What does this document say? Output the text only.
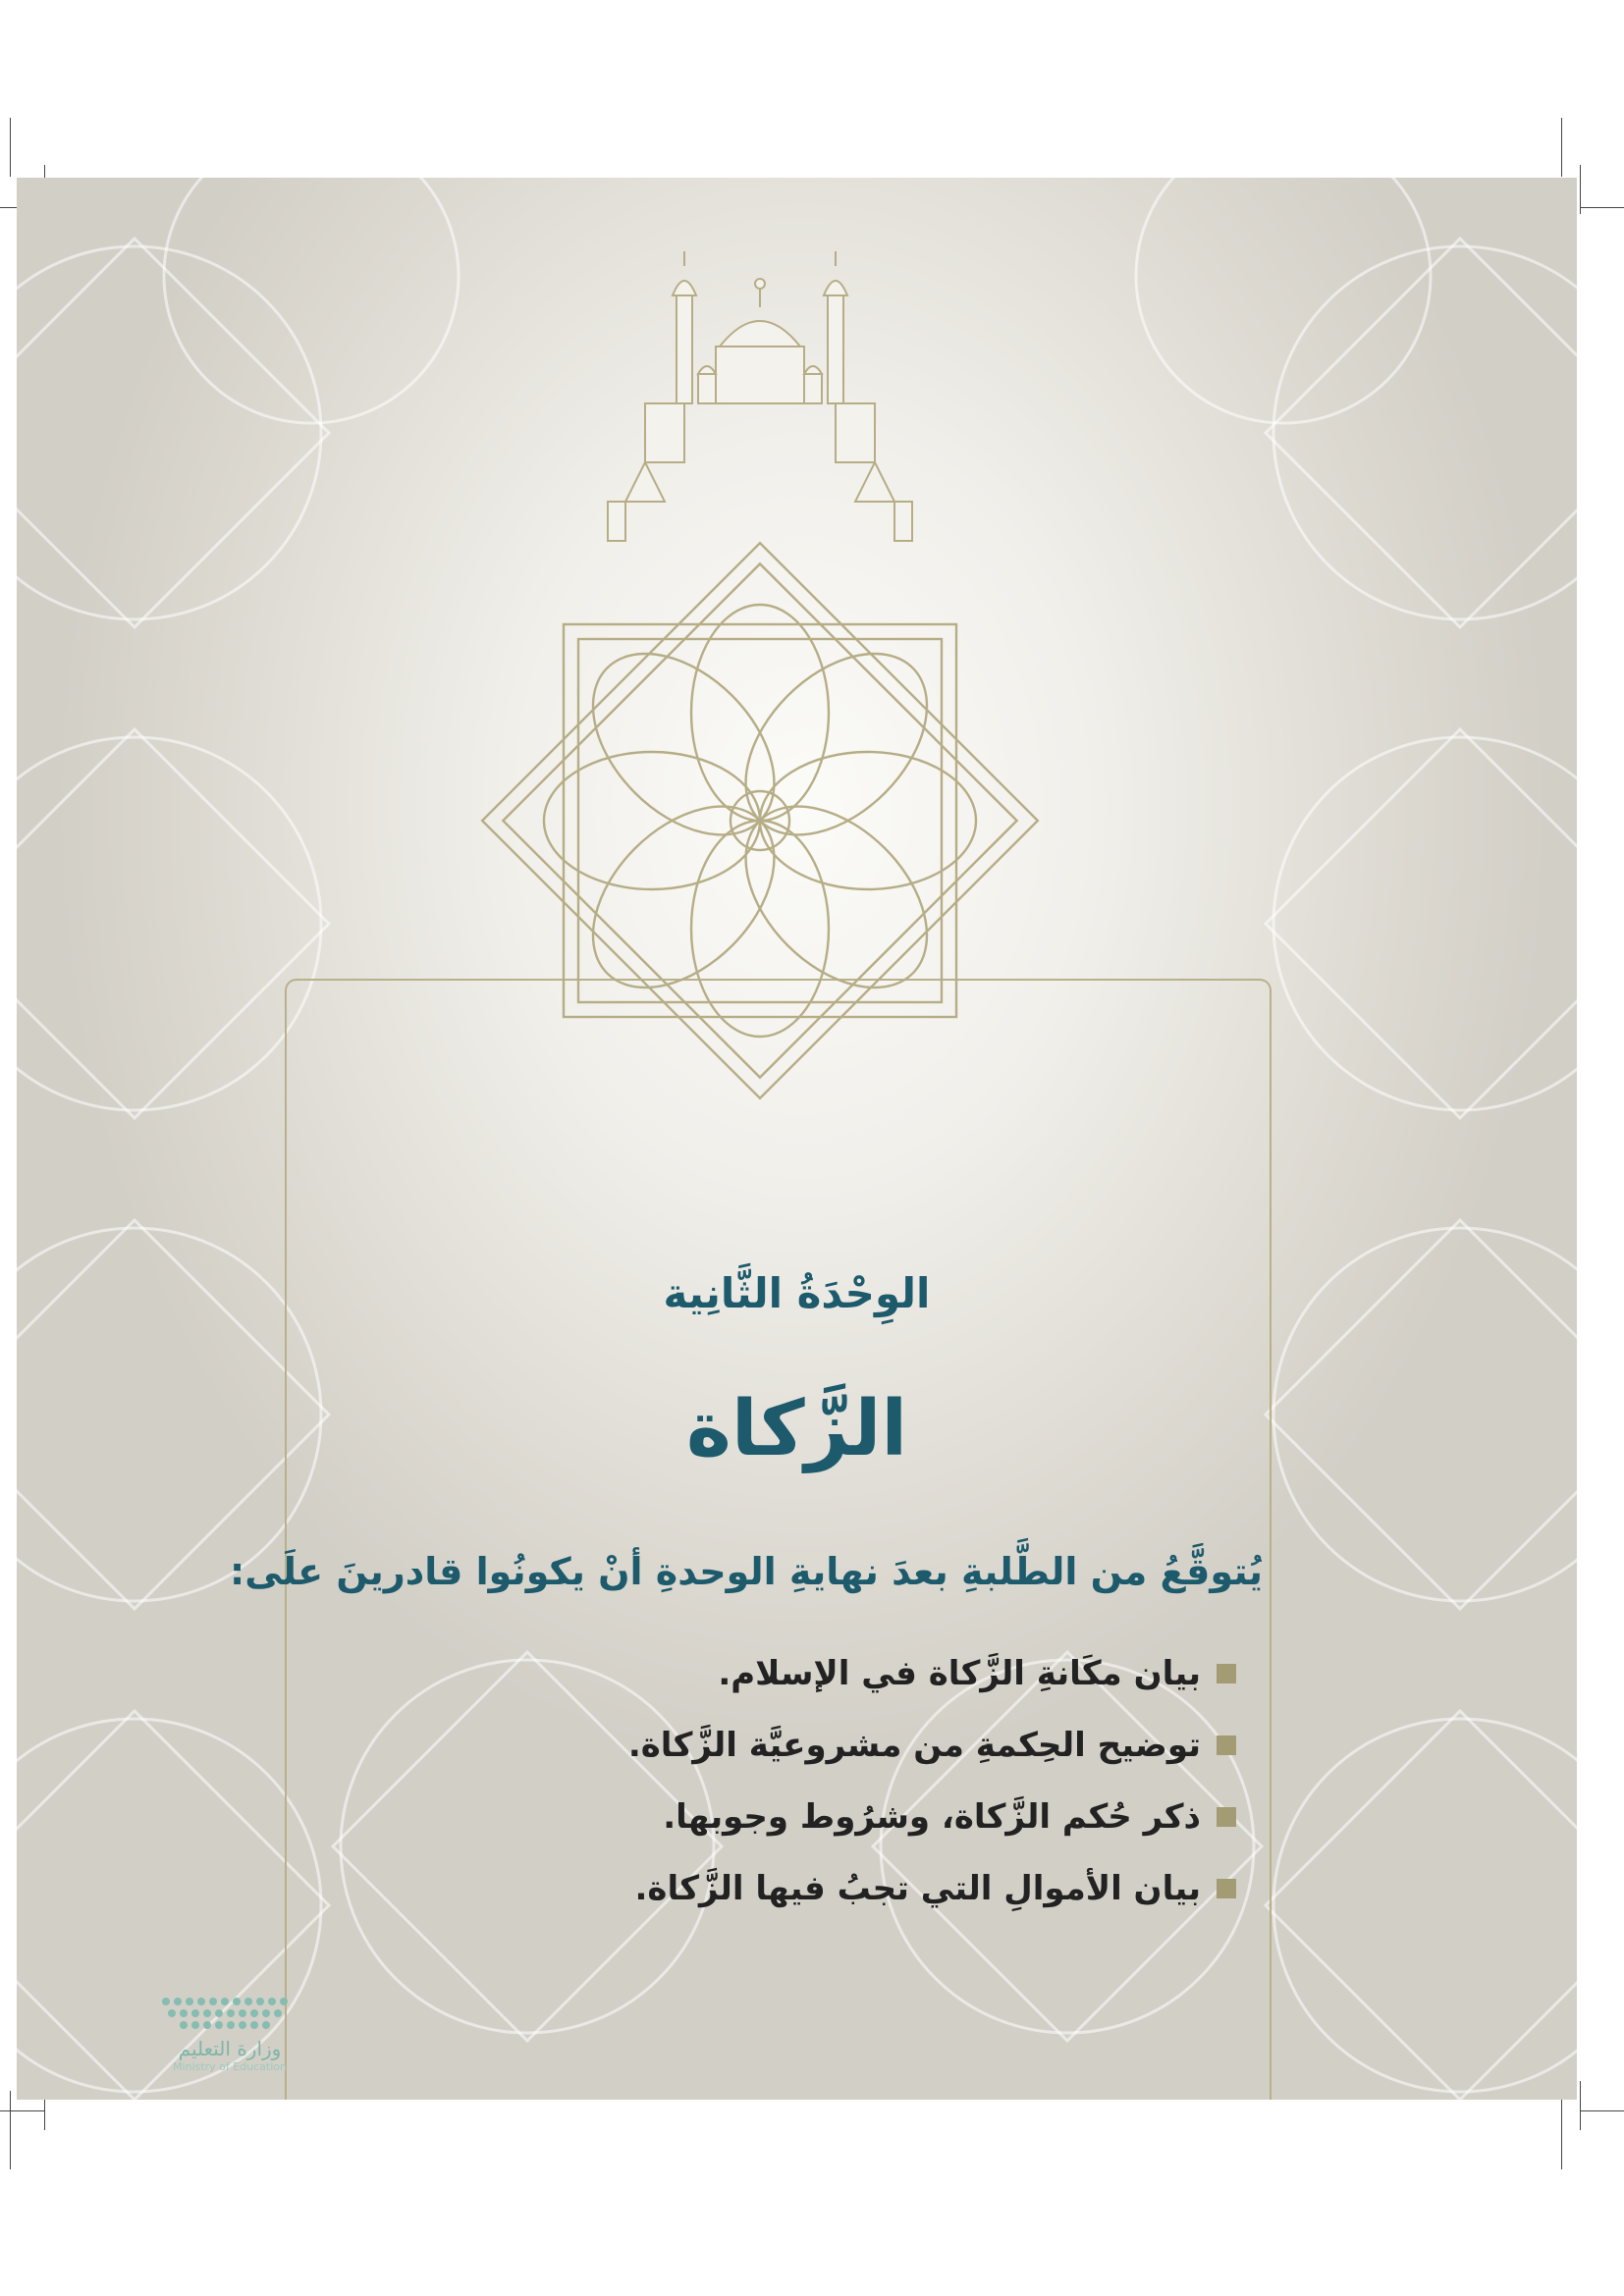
الوِحْدَةُ الثَّانِية
الزَّكاة
يُتوقَّعُ من الطَّلبةِ بعدَ نهايةِ الوحدةِ أنْ يكونُوا قادرينَ علَى:
بيان مكَانةِ الزَّكاة في الإسلام.
توضيح الحِكمةِ من مشروعيَّة الزَّكاة.
ذكر حُكم الزَّكاة، وشرُوط وجوبها.
بيان الأموالِ التي تجبُ فيها الزَّكاة.
وزارة التعليم
Ministry of Education
